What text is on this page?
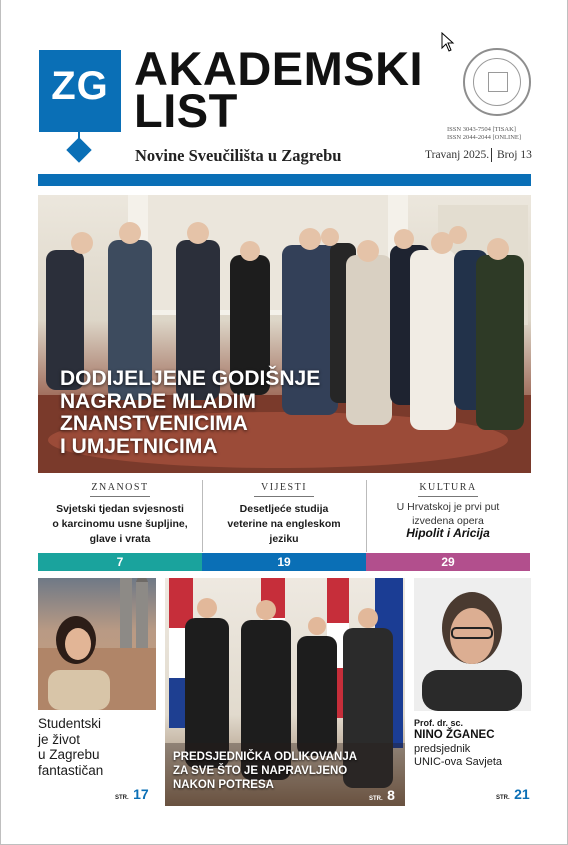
ZG AKADEMSKI
LIST
Novine Sveučilišta u Zagrebu
ISSN 3043-7504 [TISAK]
ISSN 2044-2044 [ONLINE]
Travanj 2025. Broj 13
DODIJELJENE GODIŠNJE
NAGRADE MLADIM
ZNANSTVENICIMA
I UMJETNICIMA
ZNANOST
Svjetski tjedan svjesnosti
o karcinomu usne šupljine,
glave i vrata
VIJESTI
Desetljeće studija
veterine na engleskom
jeziku
KULTURA
U Hrvatskoj je prvi put
izvedena opera
Hipolit i Aricija
7	19	29
Studentski
je život
u Zagrebu
fantastičan
STR. 17
PREDSJEDNIČKA ODLIKOVANJA
ZA SVE ŠTO JE NAPRAVLJENO
NAKON POTRESA
STR. 8
Prof. dr. sc.
NINO ŽGANEC
predsjednik
UNIC-ova Savjeta
STR. 21
